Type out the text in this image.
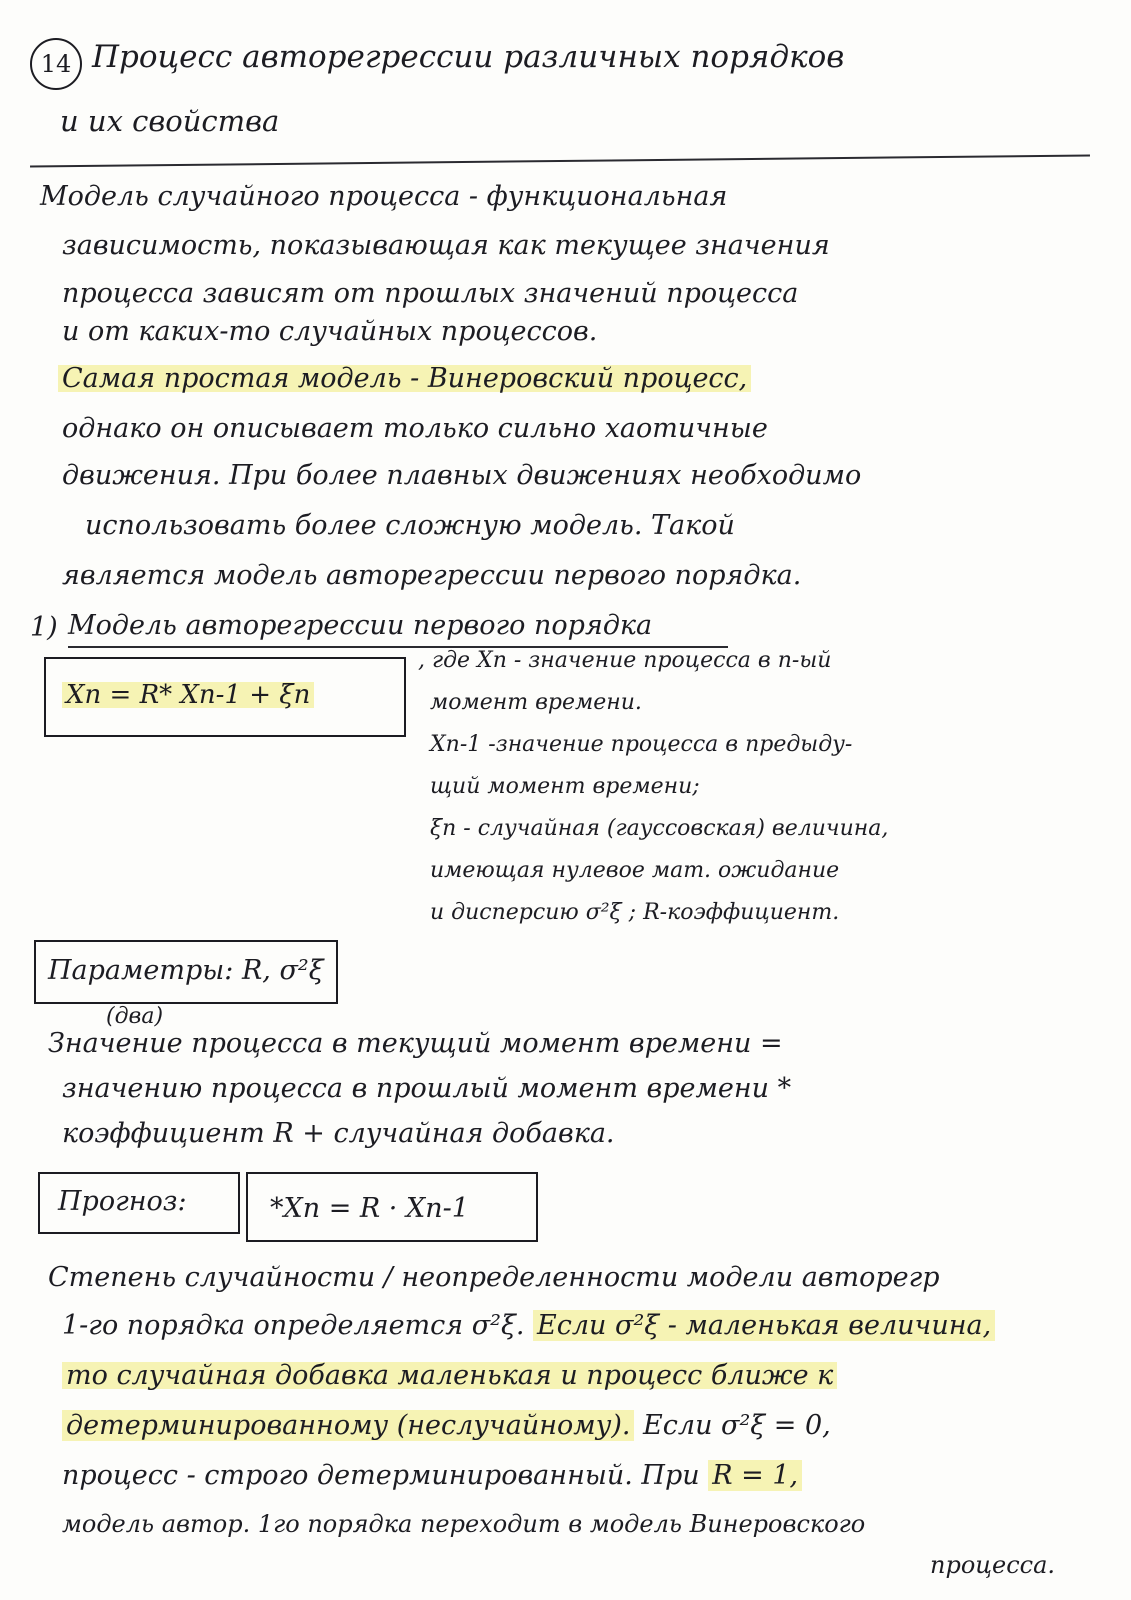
14 Процесс авторегрессии различных порядков
и их свойства
Модель случайного процесса - функциональная
зависимость, показывающая как текущее значения
процесса зависят от прошлых значений процесса
и от каких-то случайных процессов.
Самая простая модель - Винеровский процесс,
однако он описывает только сильно хаотичные
движения. При более плавных движениях необходимо
использовать более сложную модель. Такой
является модель авторегрессии первого порядка.
1) Модель авторегрессии первого порядка
Xn = R* Xn-1 + ξn
, где Xn - значение процесса в n-ый
момент времени.
Xn-1 -значение процесса в предыду-
щий момент времени;
ξn - случайная (гауссовская) величина,
имеющая нулевое мат. ожидание
и дисперсию σ²ξ ; R-коэффициент.
Параметры: R, σ²ξ
(два)
Значение процесса в текущий момент времени =
значению процесса в прошлый момент времени *
коэффициент R + случайная добавка.
Прогноз:	*Xn = R · Xn-1
Степень случайности / неопределенности модели авторегр
1-го порядка определяется σ²ξ. Если σ²ξ - маленькая величина,
то случайная добавка маленькая и процесс ближе к
детерминированному (неслучайному). Если σ²ξ = 0,
процесс - строго детерминированный. При R = 1,
модель автор. 1го порядка переходит в модель Винеровского
процесса.
